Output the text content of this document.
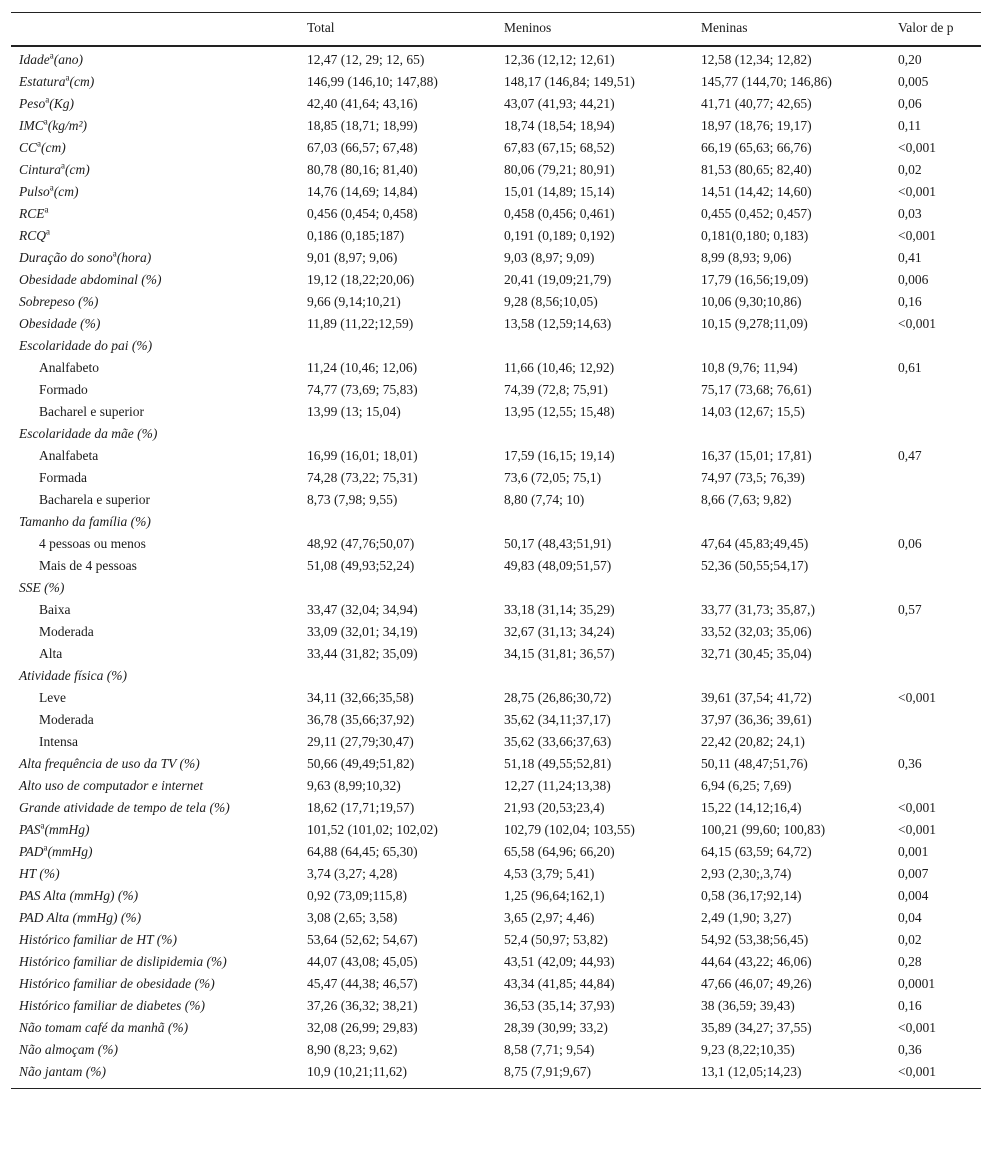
	Total	Meninos	Meninas	Valor de p
Idade$^a$(ano)	12,47 (12, 29; 12, 65)	12,36 (12,12; 12,61)	12,58 (12,34; 12,82)	0,20
Estatura$^a$(cm)	146,99 (146,10; 147,88)	148,17 (146,84; 149,51)	145,77 (144,70; 146,86)	0,005
Peso$^a$(Kg)	42,40 (41,64; 43,16)	43,07 (41,93; 44,21)	41,71 (40,77; 42,65)	0,06
IMC$^a$(kg/m²)	18,85 (18,71; 18,99)	18,74 (18,54; 18,94)	18,97 (18,76; 19,17)	0,11
$CC^a(cm)$	67,03 (66,57; 67,48)	67,83 (67,15; 68,52)	66,19 (65,63; 66,76)	<0,001
Cintura$^a$(cm)	80,78 (80,16; 81,40)	80,06 (79,21; 80,91)	81,53 (80,65; 82,40)	0,02
Pulso$^a$(cm)	14,76 (14,69; 14,84)	15,01 (14,89; 15,14)	14,51 (14,42; 14,60)	<0,001
RCE$^a$	0,456 (0,454; 0,458)	0,458 (0,456; 0,461)	0,455 (0,452; 0,457)	0,03
RCQ$^a$	0,186 (0,185;187)	0,191 (0,189; 0,192)	0,181(0,180; 0,183)	<0,001
Duração do sono$^a$(hora)	9,01 (8,97; 9,06)	9,03 (8,97; 9,09)	8,99 (8,93; 9,06)	0,41
Obesidade abdominal (%)	19,12 (18,22;20,06)	20,41 (19,09;21,79)	17,79 (16,56;19,09)	0,006
Sobrepeso (%)	9,66 (9,14;10,21)	9,28 (8,56;10,05)	10,06 (9,30;10,86)	0,16
Obesidade (%)	11,89 (11,22;12,59)	13,58 (12,59;14,63)	10,15 (9,278;11,09)	<0,001
Escolaridade do pai (%)				
Analfabeto	11,24 (10,46; 12,06)	11,66 (10,46; 12,92)	10,8 (9,76; 11,94)	0,61
Formado	74,77 (73,69; 75,83)	74,39 (72,8; 75,91)	75,17 (73,68; 76,61)	
Bacharel e superior	13,99 (13; 15,04)	13,95 (12,55; 15,48)	14,03 (12,67; 15,5)	
Escolaridade da mãe (%)				
Analfabeta	16,99 (16,01; 18,01)	17,59 (16,15; 19,14)	16,37 (15,01; 17,81)	0,47
Formada	74,28 (73,22; 75,31)	73,6 (72,05; 75,1)	74,97 (73,5; 76,39)	
Bacharela e superior	8,73 (7,98; 9,55)	8,80 (7,74; 10)	8,66 (7,63; 9,82)	
Tamanho da família (%)				
4 pessoas ou menos	48,92 (47,76;50,07)	50,17 (48,43;51,91)	47,64 (45,83;49,45)	0,06
Mais de 4 pessoas	51,08 (49,93;52,24)	49,83 (48,09;51,57)	52,36 (50,55;54,17)	
SSE (%)				
Baixa	33,47 (32,04; 34,94)	33,18 (31,14; 35,29)	33,77 (31,73; 35,87,)	0,57
Moderada	33,09 (32,01; 34,19)	32,67 (31,13; 34,24)	33,52 (32,03; 35,06)	
Alta	33,44 (31,82; 35,09)	34,15 (31,81; 36,57)	32,71 (30,45; 35,04)	
Atividade física (%)				
Leve	34,11 (32,66;35,58)	28,75 (26,86;30,72)	39,61 (37,54; 41,72)	<0,001
Moderada	36,78 (35,66;37,92)	35,62 (34,11;37,17)	37,97 (36,36; 39,61)	
Intensa	29,11 (27,79;30,47)	35,62 (33,66;37,63)	22,42 (20,82; 24,1)	
Alta frequência de uso da TV (%)	50,66 (49,49;51,82)	51,18 (49,55;52,81)	50,11 (48,47;51,76)	0,36
Alto uso de computador e internet	9,63 (8,99;10,32)	12,27 (11,24;13,38)	6,94 (6,25; 7,69)	
Grande atividade de tempo de tela (%)	18,62 (17,71;19,57)	21,93 (20,53;23,4)	15,22 (14,12;16,4)	<0,001
PAS$^a$(mmHg)	101,52 (101,02; 102,02)	102,79 (102,04; 103,55)	100,21 (99,60; 100,83)	<0,001
PAD$^a$(mmHg)	64,88 (64,45; 65,30)	65,58 (64,96; 66,20)	64,15 (63,59; 64,72)	0,001
HT (%)	3,74 (3,27; 4,28)	4,53 (3,79; 5,41)	2,93 (2,30;,3,74)	0,007
PAS Alta (mmHg) (%)	0,92 (73,09;115,8)	1,25 (96,64;162,1)	0,58 (36,17;92,14)	0,004
PAD Alta (mmHg) (%)	3,08 (2,65; 3,58)	3,65 (2,97; 4,46)	2,49 (1,90; 3,27)	0,04
Histórico familiar de HT (%)	53,64 (52,62; 54,67)	52,4 (50,97; 53,82)	54,92 (53,38;56,45)	0,02
Histórico familiar de dislipidemia (%)	44,07 (43,08; 45,05)	43,51 (42,09; 44,93)	44,64 (43,22; 46,06)	0,28
Histórico familiar de obesidade (%)	45,47 (44,38; 46,57)	43,34 (41,85; 44,84)	47,66 (46,07; 49,26)	0,0001
Histórico familiar de diabetes (%)	37,26 (36,32; 38,21)	36,53 (35,14; 37,93)	38 (36,59; 39,43)	0,16
Não tomam café da manhã (%)	32,08 (26,99; 29,83)	28,39 (30,99; 33,2)	35,89 (34,27; 37,55)	<0,001
Não almoçam (%)	8,90 (8,23; 9,62)	8,58 (7,71; 9,54)	9,23 (8,22;10,35)	0,36
Não jantam (%)	10,9 (10,21;11,62)	8,75 (7,91;9,67)	13,1 (12,05;14,23)	<0,001
